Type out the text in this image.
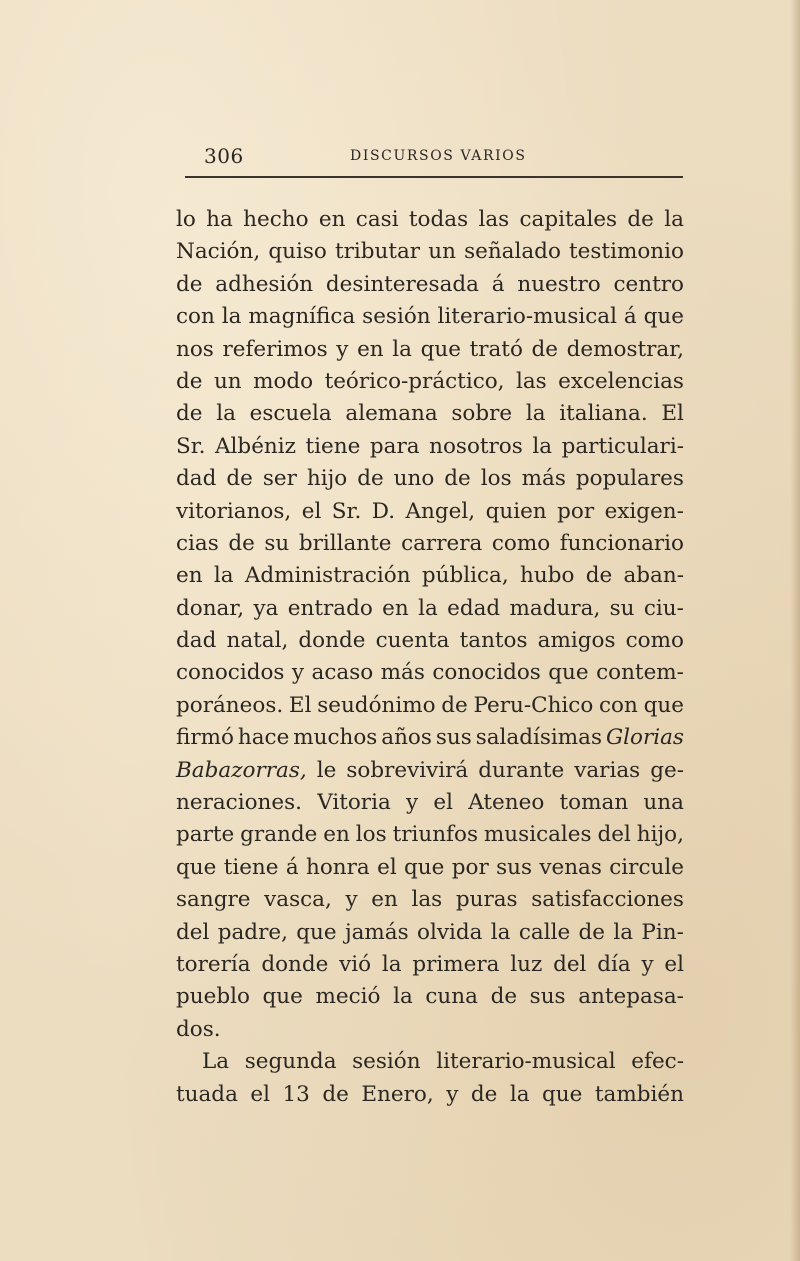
306	DISCURSOS VARIOS
lo ha hecho en casi todas las capitales de la
Nación, quiso tributar un señalado testimonio
de adhesión desinteresada á nuestro centro
con la magnífica sesión literario-musical á que
nos referimos y en la que trató de demostrar,
de un modo teórico-práctico, las excelencias
de la escuela alemana sobre la italiana. El
Sr. Albéniz tiene para nosotros la particulari-
dad de ser hijo de uno de los más populares
vitorianos, el Sr. D. Angel, quien por exigen-
cias de su brillante carrera como funcionario
en la Administración pública, hubo de aban-
donar, ya entrado en la edad madura, su ciu-
dad natal, donde cuenta tantos amigos como
conocidos y acaso más conocidos que contem-
poráneos. El seudónimo de Peru-Chico con que
firmó hace muchos años sus saladísimas Glorias
Babazorras, le sobrevivirá durante varias ge-
neraciones. Vitoria y el Ateneo toman una
parte grande en los triunfos musicales del hijo,
que tiene á honra el que por sus venas circule
sangre vasca, y en las puras satisfacciones
del padre, que jamás olvida la calle de la Pin-
torería donde vió la primera luz del día y el
pueblo que meció la cuna de sus antepasa-
dos.
La segunda sesión literario-musical efec-
tuada el 13 de Enero, y de la que también
